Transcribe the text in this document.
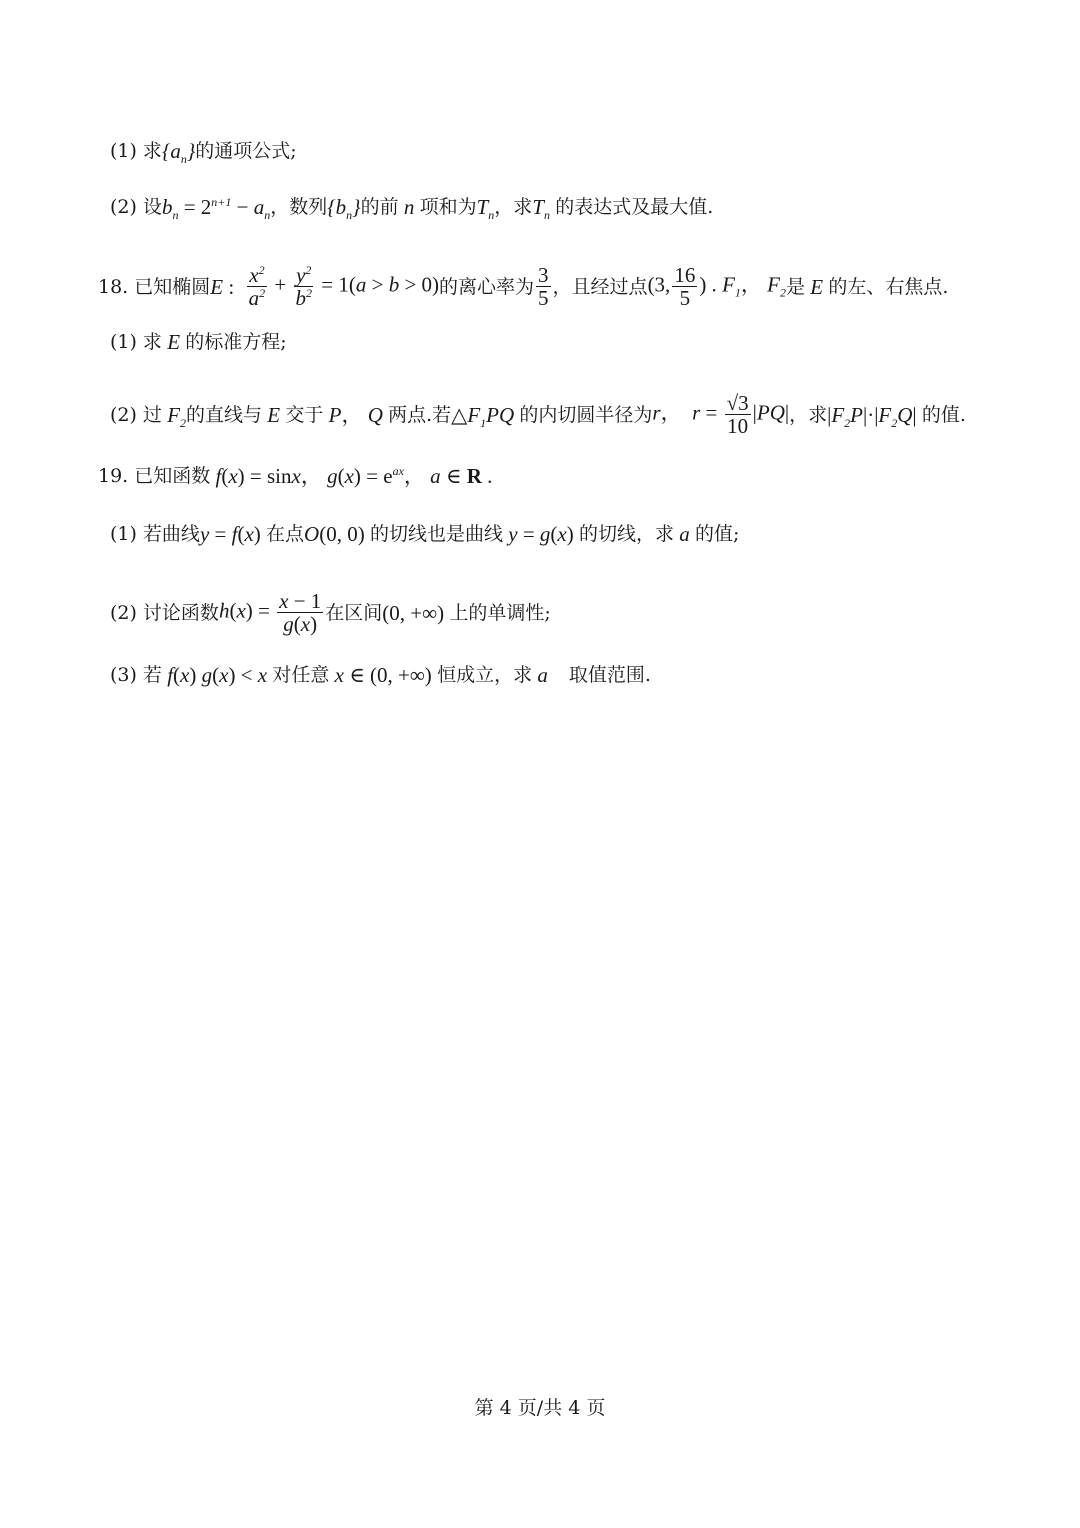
(1) 求 $\{a_n\}$ 的通项公式;
(2) 设 $b_n = 2^{n+1} - a_n$ ，数列 $\{b_n\}$ 的前 n 项和为 $T_n$ ，求 $T_n$ 的表达式及最大值.
18. 已知椭圆 E : $\frac{x^2}{a^2} + \frac{y^2}{b^2} = 1(a > b > 0)$ 的离心率为 $\frac{3}{5}$ ，且经过点 (3, $\frac{16}{5}$ ) . $F_1$， $F_2$ 是 E 的左、右焦点.
(1) 求 E 的标准方程;
(2) 过 $F_2$ 的直线与 E 交于 P， Q 两点.若 $\triangle F_1PQ$ 的内切圆半径为 r，  $r = \frac{√3}{10} |PQ|$ ，求 $|F_2P|\cdot|F_2Q|$ 的值.
19. 已知函数 f(x) = sinx， $g(x) = e^{ax}$， a ∈ R .
(1) 若曲线 y = f(x) 在点 O(0, 0) 的切线也是曲线 y = g(x) 的切线，求 a 的值;
(2) 讨论函数 $h(x) = \frac{x - 1}{g(x)}$ 在区间 (0, +∞) 上的单调性;
(3) 若 f(x) g(x) < x 对任意 x ∈ (0, +∞) 恒成立，求 a	取值范围.
第 4 页/共 4 页
